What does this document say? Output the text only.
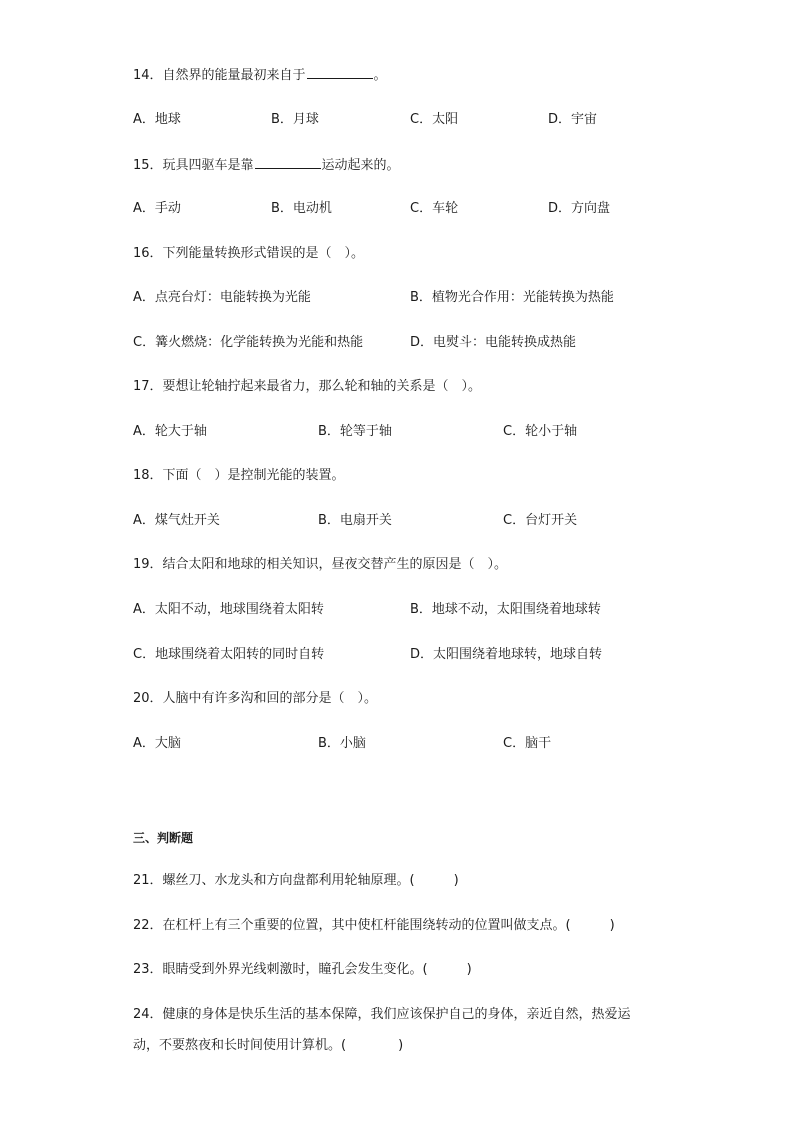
14．自然界的能量最初来自于	。
A．地球	B．月球	C．太阳	D．宇宙
15．玩具四驱车是靠	运动起来的。
A．手动	B．电动机	C．车轮	D．方向盘
16．下列能量转换形式错误的是（　）。
A．点亮台灯：电能转换为光能	B．植物光合作用：光能转换为热能
C．篝火燃烧：化学能转换为光能和热能	D．电熨斗：电能转换成热能
17．要想让轮轴拧起来最省力，那么轮和轴的关系是（　）。
A．轮大于轴	B．轮等于轴	C．轮小于轴
18．下面（　）是控制光能的装置。
A．煤气灶开关	B．电扇开关	C．台灯开关
19．结合太阳和地球的相关知识，昼夜交替产生的原因是（　）。
A．太阳不动，地球围绕着太阳转	B．地球不动，太阳围绕着地球转
C．地球围绕着太阳转的同时自转	D．太阳围绕着地球转，地球自转
20．人脑中有许多沟和回的部分是（　）。
A．大脑	B．小脑	C．脑干
三、判断题
21．螺丝刀、水龙头和方向盘都利用轮轴原理。(　　　)
22．在杠杆上有三个重要的位置，其中使杠杆能围绕转动的位置叫做支点。(　　　)
23．眼睛受到外界光线刺激时，瞳孔会发生变化。(　　　)
24．健康的身体是快乐生活的基本保障，我们应该保护自己的身体，亲近自然，热爱运
动，不要熬夜和长时间使用计算机。(　　　　)
